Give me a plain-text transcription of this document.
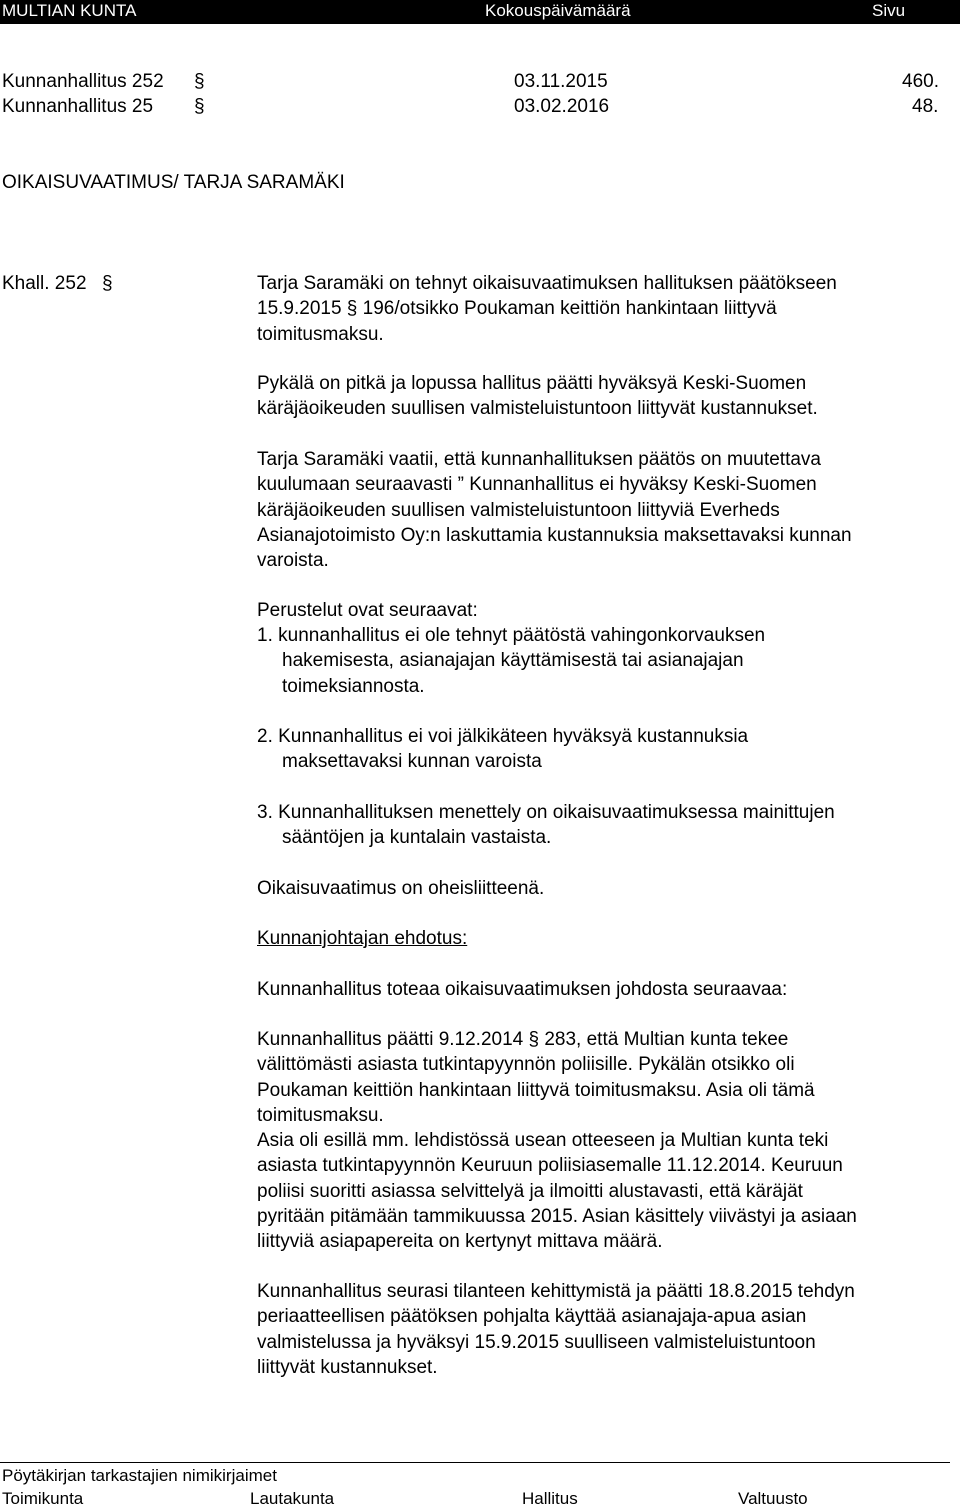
MULTIAN KUNTA	Kokouspäivämäärä	Sivu
Kunnanhallitus 252 §	03.11.2015	460.
Kunnanhallitus 25 §	03.02.2016	48.
OIKAISUVAATIMUS/ TARJA SARAMÄKI
Khall. 252 §	Tarja Saramäki on tehnyt oikaisuvaatimuksen hallituksen päätökseen
15.9.2015 § 196/otsikko Poukaman keittiön hankintaan liittyvä
toimitusmaksu.
Pykälä on pitkä ja lopussa hallitus päätti hyväksyä Keski-Suomen
käräjäoikeuden suullisen valmisteluistuntoon liittyvät kustannukset.
Tarja Saramäki vaatii, että kunnanhallituksen päätös on muutettava
kuulumaan seuraavasti ” Kunnanhallitus ei hyväksy Keski-Suomen
käräjäoikeuden suullisen valmisteluistuntoon liittyviä Everheds
Asianajotoimisto Oy:n laskuttamia kustannuksia maksettavaksi kunnan
varoista.
Perustelut ovat seuraavat:
1. kunnanhallitus ei ole tehnyt päätöstä vahingonkorvauksen
hakemisesta, asianajajan käyttämisestä tai asianajajan
toimeksiannosta.
2. Kunnanhallitus ei voi jälkikäteen hyväksyä kustannuksia
maksettavaksi kunnan varoista
3. Kunnanhallituksen menettely on oikaisuvaatimuksessa mainittujen
sääntöjen ja kuntalain vastaista.
Oikaisuvaatimus on oheisliitteenä.
Kunnanjohtajan ehdotus:
Kunnanhallitus toteaa oikaisuvaatimuksen johdosta seuraavaa:
Kunnanhallitus päätti 9.12.2014 § 283, että Multian kunta tekee
välittömästi asiasta tutkintapyynnön poliisille. Pykälän otsikko oli
Poukaman keittiön hankintaan liittyvä toimitusmaksu. Asia oli tämä
toimitusmaksu.
Asia oli esillä mm. lehdistössä usean otteeseen ja Multian kunta teki
asiasta tutkintapyynnön Keuruun poliisiasemalle 11.12.2014. Keuruun
poliisi suoritti asiassa selvittelyä ja ilmoitti alustavasti, että käräjät
pyritään pitämään tammikuussa 2015. Asian käsittely viivästyi ja asiaan
liittyviä asiapapereita on kertynyt mittava määrä.
Kunnanhallitus seurasi tilanteen kehittymistä ja päätti 18.8.2015 tehdyn
periaatteellisen päätöksen pohjalta käyttää asianajaja-apua asian
valmistelussa ja hyväksyi 15.9.2015 suulliseen valmisteluistuntoon
liittyvät kustannukset.
Pöytäkirjan tarkastajien nimikirjaimet
Toimikunta	Lautakunta	Hallitus	Valtuusto
